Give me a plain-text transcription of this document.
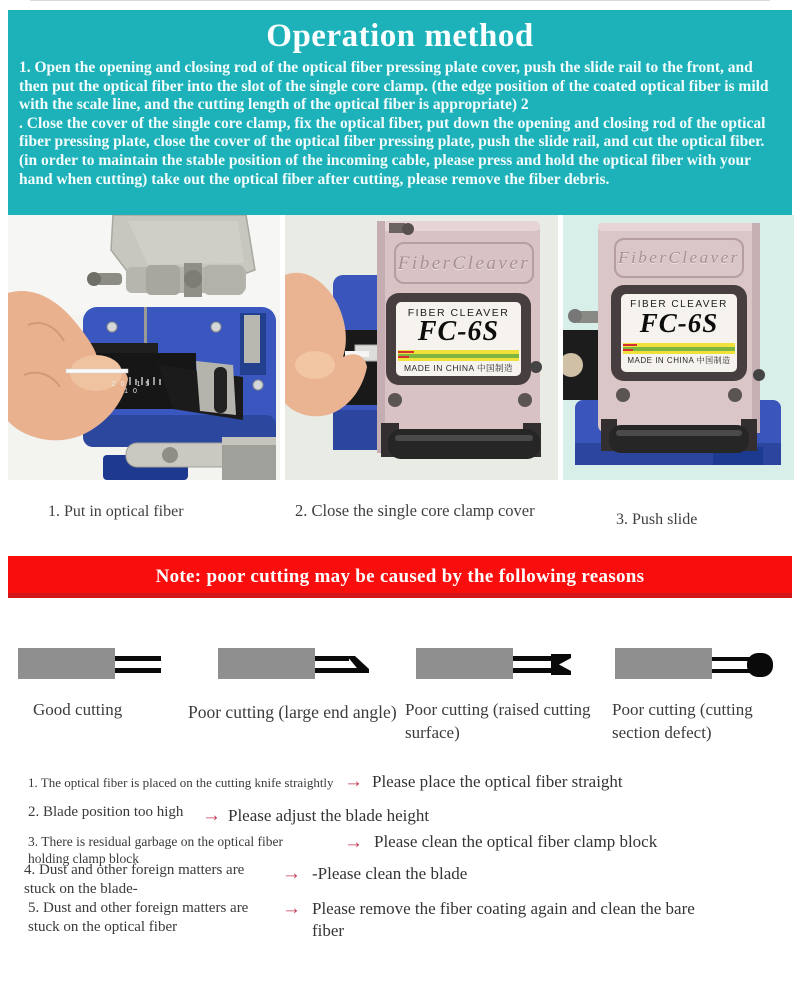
Operation method

1. Open the opening and closing rod of the optical fiber pressing plate cover, push the slide rail to the front, and then put the optical fiber into the slot of the single core clamp. (the edge position of the coated optical fiber is mild with the scale line, and the cutting length of the optical fiber is appropriate) 2

. Close the cover of the single core clamp, fix the optical fiber, put down the opening and closing rod of the optical fiber pressing plate, close the cover of the optical fiber pressing plate, push the slide rail, and cut the optical fiber. (in order to maintain the stable position of the incoming cable, please press and hold the optical fiber with your hand when cutting) take out the optical fiber after cutting, please remove the fiber debris.

20 15 10
FiberCleaver
FIBER CLEAVER
FC-6S
MADE IN CHINA 中国制造
FiberCleaver
FIBER CLEAVER
FC-6S
MADE IN CHINA 中国制造
1. Put in optical fiber	2. Close the single core clamp cover	3. Push slide
Note: poor cutting may be caused by the following reasons
Good cutting	Poor cutting (large end angle) Poor cutting (raised cutting surface)
Poor cutting (cutting section defect)
1. The optical fiber is placed on the cutting knife straightly → Please place the optical fiber straight
2. Blade position too high → Please adjust the blade height
3. There is residual garbage on the optical fiber
holding clamp block
→ Please clean the optical fiber clamp block
4. Dust and other foreign matters are
stuck on the blade-
→ -Please clean the blade
5. Dust and other foreign matters are
stuck on the optical fiber
→ Please remove the fiber coating again and clean the bare fiber
